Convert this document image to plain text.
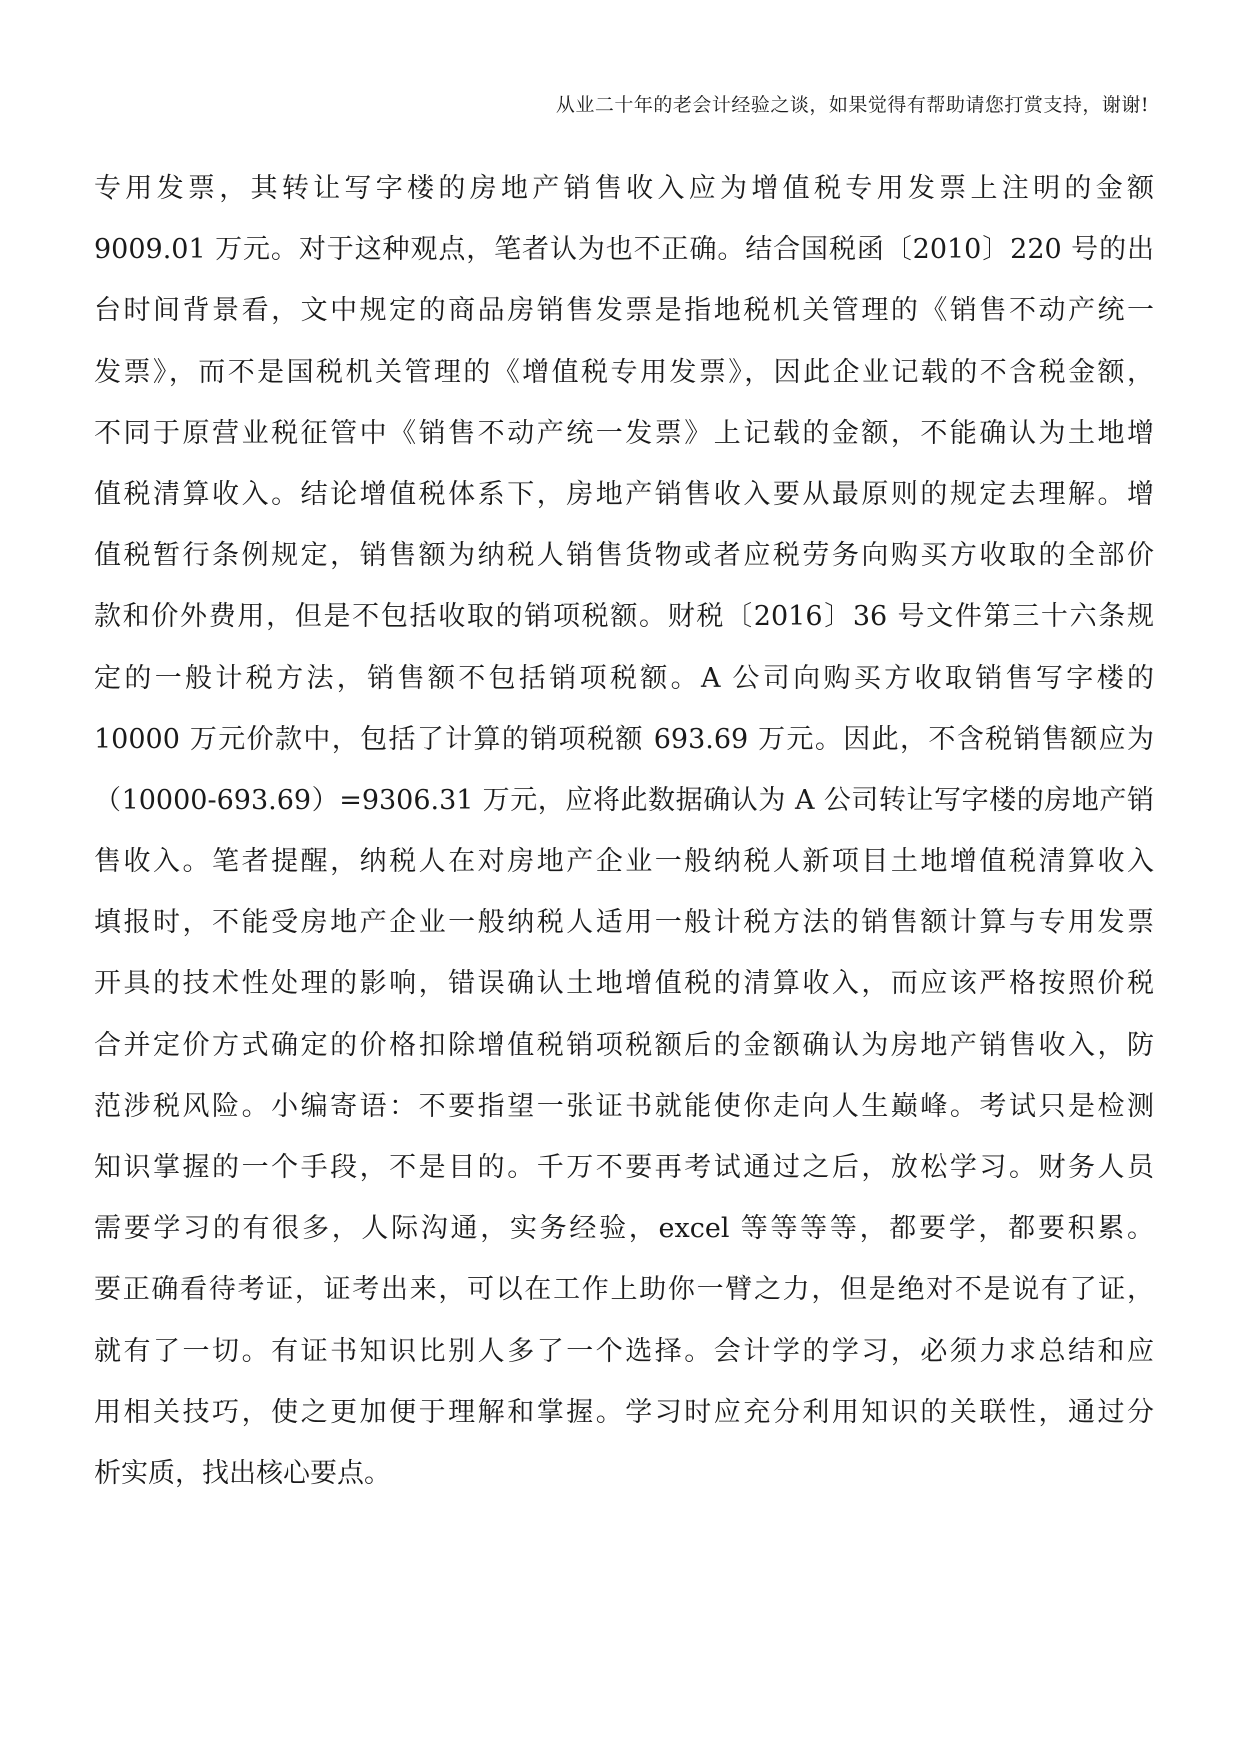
从业二十年的老会计经验之谈，如果觉得有帮助请您打赏支持，谢谢!
专用发票，其转让写字楼的房地产销售收入应为增值税专用发票上注明的金额
9009.01 万元。对于这种观点，笔者认为也不正确。结合国税函〔2010〕220 号的出
台时间背景看，文中规定的商品房销售发票是指地税机关管理的《销售不动产统一
发票》，而不是国税机关管理的《增值税专用发票》，因此企业记载的不含税金额，
不同于原营业税征管中《销售不动产统一发票》上记载的金额，不能确认为土地增
值税清算收入。结论增值税体系下，房地产销售收入要从最原则的规定去理解。增
值税暂行条例规定，销售额为纳税人销售货物或者应税劳务向购买方收取的全部价
款和价外费用，但是不包括收取的销项税额。财税〔2016〕36 号文件第三十六条规
定的一般计税方法，销售额不包括销项税额。A 公司向购买方收取销售写字楼的
10000 万元价款中，包括了计算的销项税额 693.69 万元。因此，不含税销售额应为
（10000-693.69）=9306.31 万元，应将此数据确认为 A 公司转让写字楼的房地产销
售收入。笔者提醒，纳税人在对房地产企业一般纳税人新项目土地增值税清算收入
填报时，不能受房地产企业一般纳税人适用一般计税方法的销售额计算与专用发票
开具的技术性处理的影响，错误确认土地增值税的清算收入，而应该严格按照价税
合并定价方式确定的价格扣除增值税销项税额后的金额确认为房地产销售收入，防
范涉税风险。小编寄语：不要指望一张证书就能使你走向人生巅峰。考试只是检测
知识掌握的一个手段，不是目的。千万不要再考试通过之后，放松学习。财务人员
需要学习的有很多，人际沟通，实务经验，excel 等等等等，都要学，都要积累。
要正确看待考证，证考出来，可以在工作上助你一臂之力，但是绝对不是说有了证，
就有了一切。有证书知识比别人多了一个选择。会计学的学习，必须力求总结和应
用相关技巧，使之更加便于理解和掌握。学习时应充分利用知识的关联性，通过分
析实质，找出核心要点。
